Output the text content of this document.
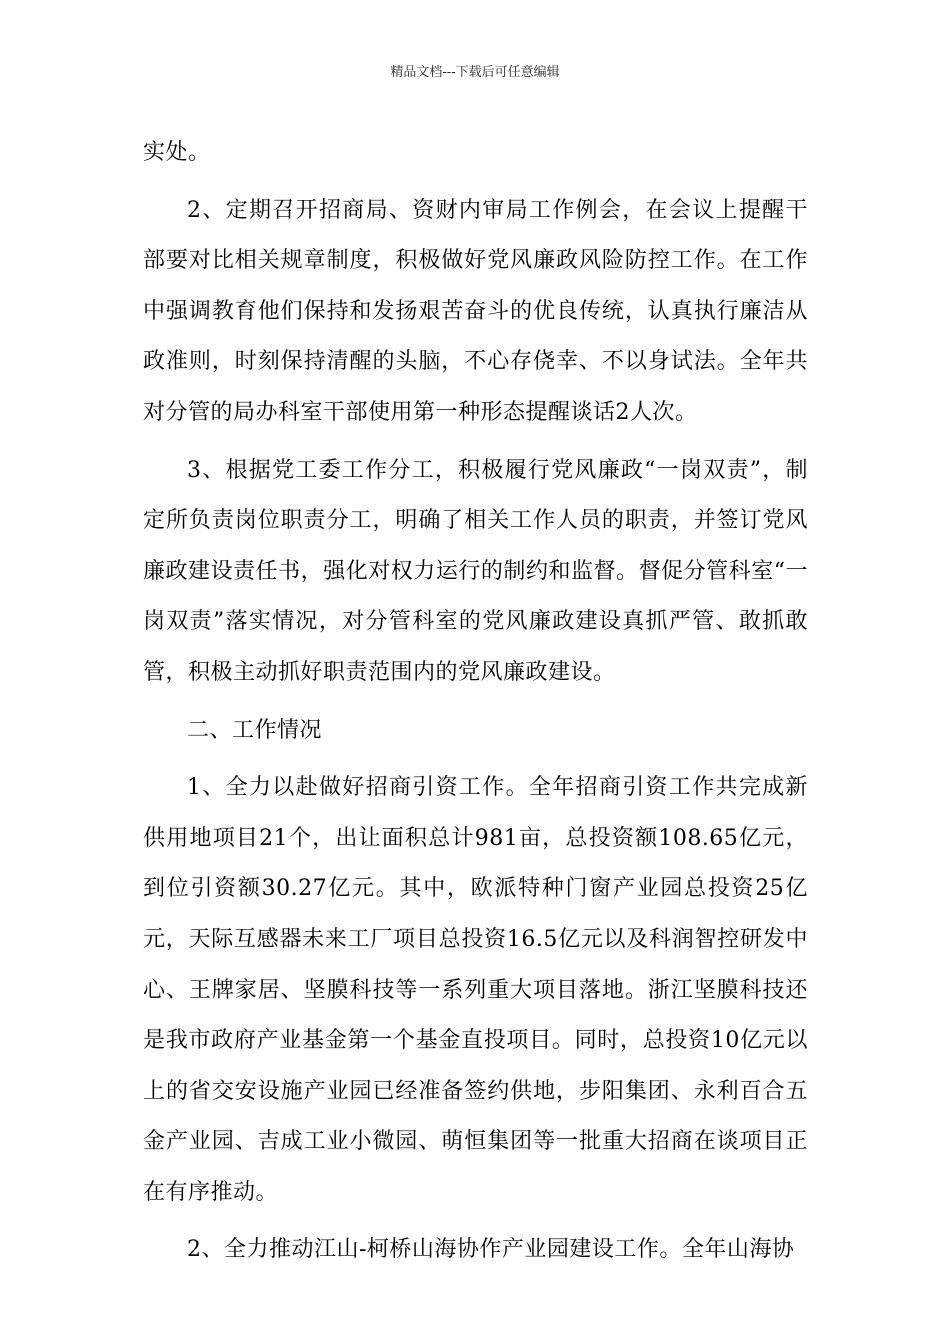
精品文档---下载后可任意编辑

实处。

2、定期召开招商局、资财内审局工作例会，在会议上提醒干部要对比相关规章制度，积极做好党风廉政风险防控工作。在工作中强调教育他们保持和发扬艰苦奋斗的优良传统，认真执行廉洁从政准则，时刻保持清醒的头脑，不心存侥幸、不以身试法。全年共对分管的局办科室干部使用第一种形态提醒谈话2人次。

3、根据党工委工作分工，积极履行党风廉政“一岗双责”，制定所负责岗位职责分工，明确了相关工作人员的职责，并签订党风廉政建设责任书，强化对权力运行的制约和监督。督促分管科室“一岗双责”落实情况，对分管科室的党风廉政建设真抓严管、敢抓敢管，积极主动抓好职责范围内的党风廉政建设。

二、工作情况

1、全力以赴做好招商引资工作。全年招商引资工作共完成新供用地项目21个，出让面积总计981亩，总投资额108.65亿元，到位引资额30.27亿元。其中，欧派特种门窗产业园总投资25亿元，天际互感器未来工厂项目总投资16.5亿元以及科润智控研发中心、王牌家居、坚膜科技等一系列重大项目落地。浙江坚膜科技还是我市政府产业基金第一个基金直投项目。同时，总投资10亿元以上的省交安设施产业园已经准备签约供地，步阳集团、永利百合五金产业园、吉成工业小微园、萌恒集团等一批重大招商在谈项目正在有序推动。

2、全力推动江山-柯桥山海协作产业园建设工作。全年山海协
